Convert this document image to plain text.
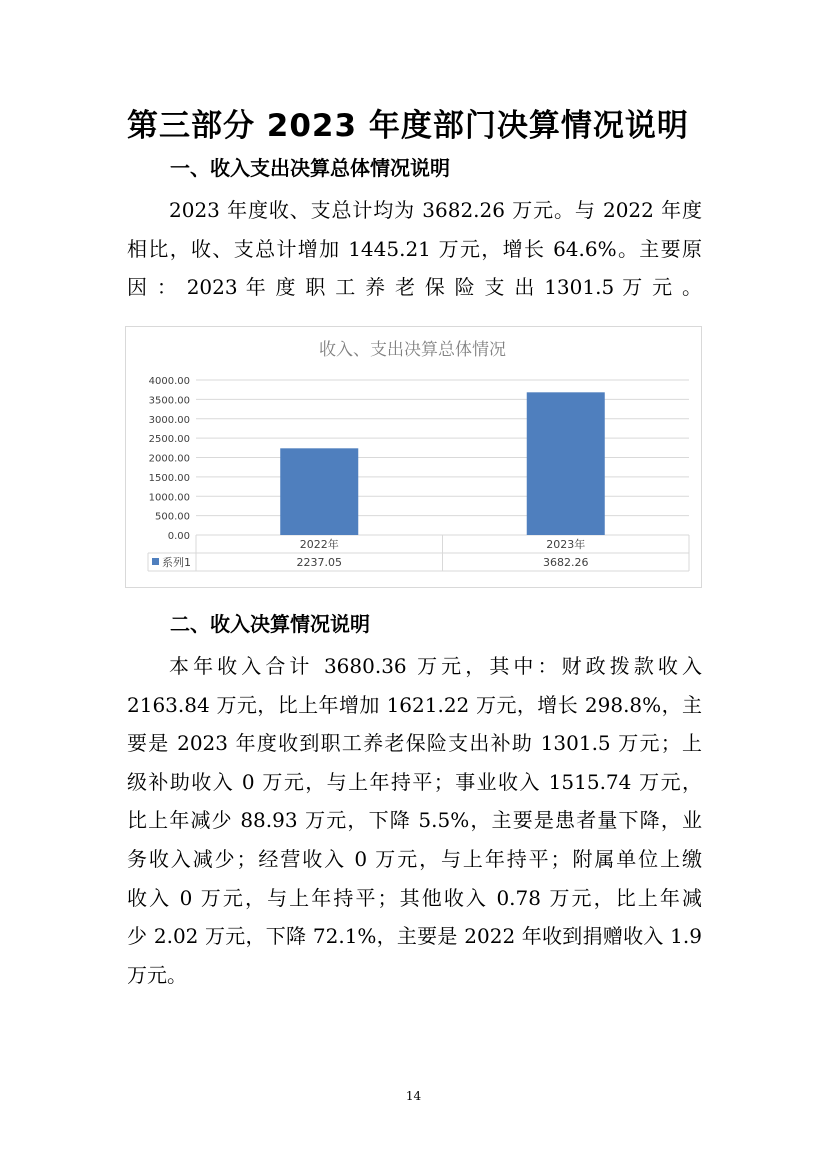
第三部分 2023 年度部门决算情况说明
一、收入支出决算总体情况说明
2023 年度收、支总计均为 3682.26 万元。与 2022 年度
相比，收、支总计增加 1445.21 万元，增长 64.6%。主要原
因 ： 2023 年 度 职 工 养 老 保 险 支 出 1301.5 万 元 。
收入、支出决算总体情况
0.00
500.00
1000.00
1500.00
2000.00
2500.00
3000.00
3500.00
4000.00
2022年
2237.05
2023年
3682.26
系列1
二、收入决算情况说明
本年收入合计 3680.36 万元，其中：财政拨款收入
2163.84 万元，比上年增加 1621.22 万元，增长 298.8%，主
要是 2023 年度收到职工养老保险支出补助 1301.5 万元；上
级补助收入 0 万元，与上年持平；事业收入 1515.74 万元，
比上年减少 88.93 万元，下降 5.5%，主要是患者量下降，业
务收入减少；经营收入 0 万元，与上年持平；附属单位上缴
收入 0 万元，与上年持平；其他收入 0.78 万元，比上年减
少 2.02 万元，下降 72.1%，主要是 2022 年收到捐赠收入 1.9
万元。
14
